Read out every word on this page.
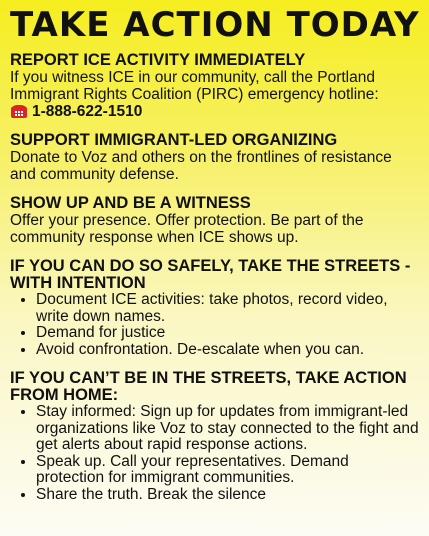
TAKE ACTION TODAY
REPORT ICE ACTIVITY IMMEDIATELY
If you witness ICE in our community, call the Portland Immigrant Rights Coalition (PIRC) emergency hotline:
1-888-622-1510
SUPPORT IMMIGRANT-LED ORGANIZING
Donate to Voz and others on the frontlines of resistance and community defense.
SHOW UP AND BE A WITNESS
Offer your presence. Offer protection. Be part of the community response when ICE shows up.
IF YOU CAN DO SO SAFELY, TAKE THE STREETS - WITH INTENTION
• Document ICE activities: take photos, record video, write down names.
• Demand for justice
• Avoid confrontation. De-escalate when you can.
IF YOU CAN’T BE IN THE STREETS, TAKE ACTION FROM HOME:
• Stay informed: Sign up for updates from immigrant-led organizations like Voz to stay connected to the fight and get alerts about rapid response actions.
• Speak up. Call your representatives. Demand protection for immigrant communities.
• Share the truth. Break the silence
